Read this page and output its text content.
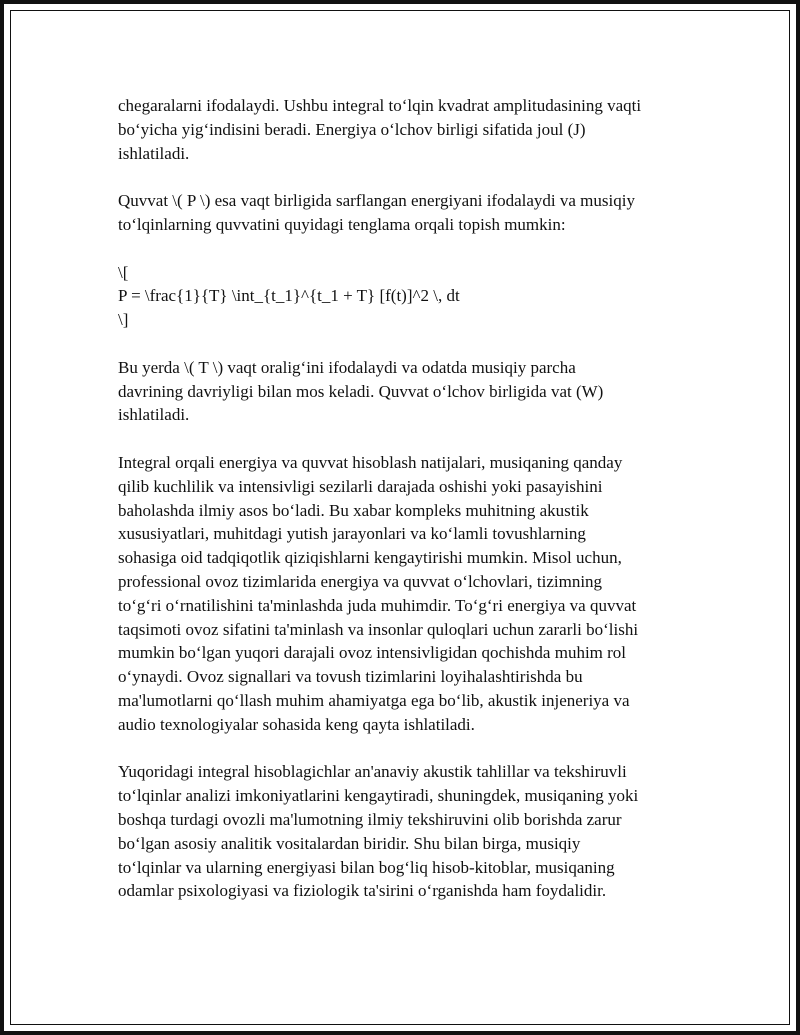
chegaralarni ifodalaydi. Ushbu integral to‘lqin kvadrat amplitudasining vaqti
bo‘yicha yig‘indisini beradi. Energiya o‘lchov birligi sifatida joul (J)
ishlatiladi.
Quvvat \( P \) esa vaqt birligida sarflangan energiyani ifodalaydi va musiqiy
to‘lqinlarning quvvatini quyidagi tenglama orqali topish mumkin:
\[
P = \frac{1}{T} \int_{t_1}^{t_1 + T} [f(t)]^2 \, dt
\]
Bu yerda \( T \) vaqt oralig‘ini ifodalaydi va odatda musiqiy parcha
davrining davriyligi bilan mos keladi. Quvvat o‘lchov birligida vat (W)
ishlatiladi.
Integral orqali energiya va quvvat hisoblash natijalari, musiqaning qanday
qilib kuchlilik va intensivligi sezilarli darajada oshishi yoki pasayishini
baholashda ilmiy asos bo‘ladi. Bu xabar kompleks muhitning akustik
xususiyatlari, muhitdagi yutish jarayonlari va ko‘lamli tovushlarning
sohasiga oid tadqiqotlik qiziqishlarni kengaytirishi mumkin. Misol uchun,
professional ovoz tizimlarida energiya va quvvat o‘lchovlari, tizimning
to‘g‘ri o‘rnatilishini ta'minlashda juda muhimdir. To‘g‘ri energiya va quvvat
taqsimoti ovoz sifatini ta'minlash va insonlar quloqlari uchun zararli bo‘lishi
mumkin bo‘lgan yuqori darajali ovoz intensivligidan qochishda muhim rol
o‘ynaydi. Ovoz signallari va tovush tizimlarini loyihalashtirishda bu
ma'lumotlarni qo‘llash muhim ahamiyatga ega bo‘lib, akustik injeneriya va
audio texnologiyalar sohasida keng qayta ishlatiladi.
Yuqoridagi integral hisoblagichlar an'anaviy akustik tahlillar va tekshiruvli
to‘lqinlar analizi imkoniyatlarini kengaytiradi, shuningdek, musiqaning yoki
boshqa turdagi ovozli ma'lumotning ilmiy tekshiruvini olib borishda zarur
bo‘lgan asosiy analitik vositalardan biridir. Shu bilan birga, musiqiy
to‘lqinlar va ularning energiyasi bilan bog‘liq hisob-kitoblar, musiqaning
odamlar psixologiyasi va fiziologik ta'sirini o‘rganishda ham foydalidir.
